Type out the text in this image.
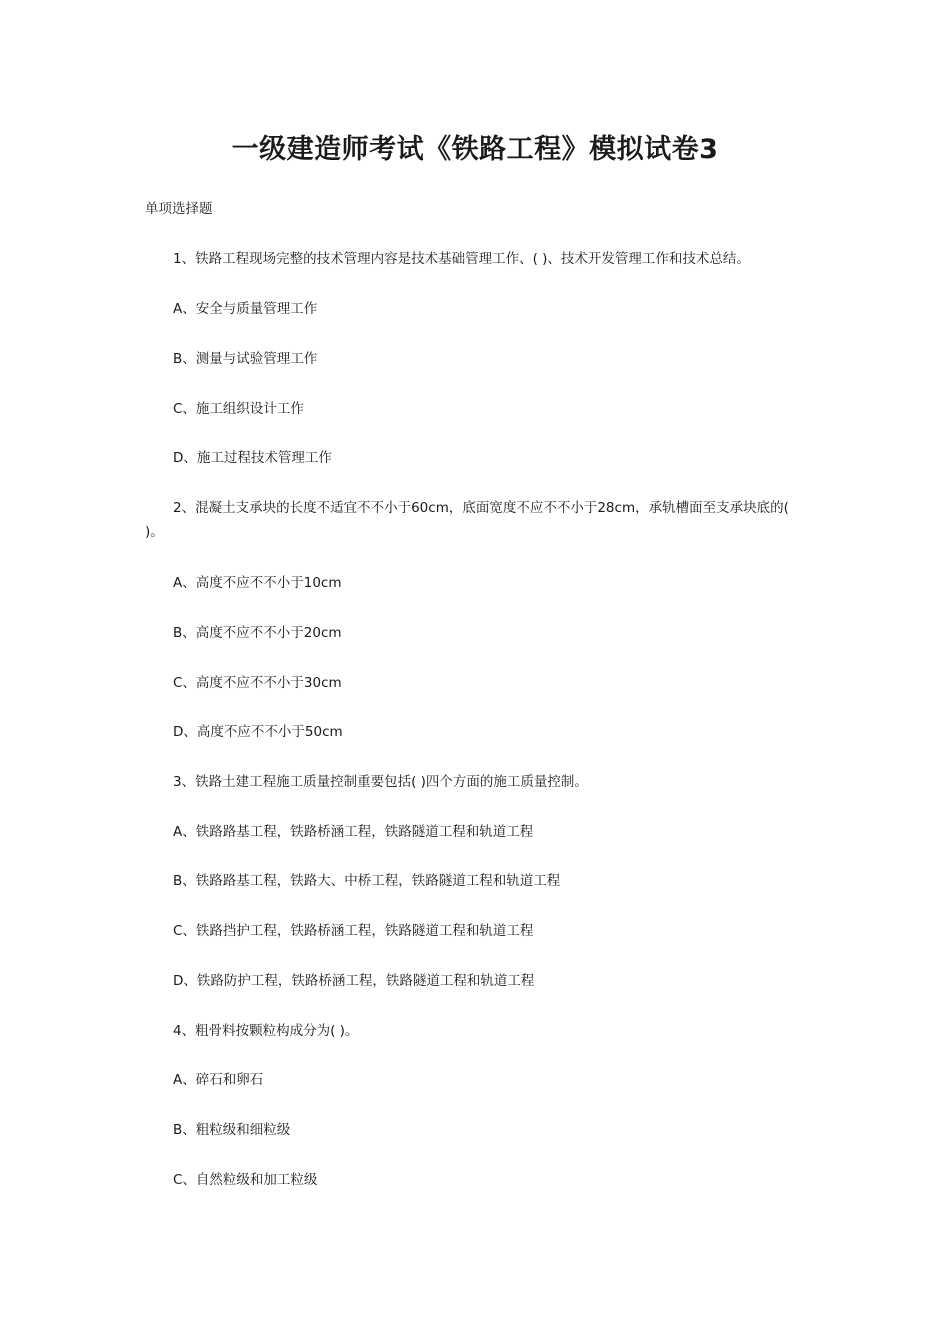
一级建造师考试《铁路工程》模拟试卷3
单项选择题
1、铁路工程现场完整的技术管理内容是技术基础管理工作、( )、技术开发管理工作和技术总结。
A、安全与质量管理工作
B、测量与试验管理工作
C、施工组织设计工作
D、施工过程技术管理工作
2、混凝土支承块的长度不适宜不不小于60cm，底面宽度不应不不小于28cm，承轨槽面至支承块底的( )。
A、高度不应不不小于10cm
B、高度不应不不小于20cm
C、高度不应不不小于30cm
D、高度不应不不小于50cm
3、铁路土建工程施工质量控制重要包括( )四个方面的施工质量控制。
A、铁路路基工程，铁路桥涵工程，铁路隧道工程和轨道工程
B、铁路路基工程，铁路大、中桥工程，铁路隧道工程和轨道工程
C、铁路挡护工程，铁路桥涵工程，铁路隧道工程和轨道工程
D、铁路防护工程，铁路桥涵工程，铁路隧道工程和轨道工程
4、粗骨料按颗粒构成分为( )。
A、碎石和卵石
B、粗粒级和细粒级
C、自然粒级和加工粒级
